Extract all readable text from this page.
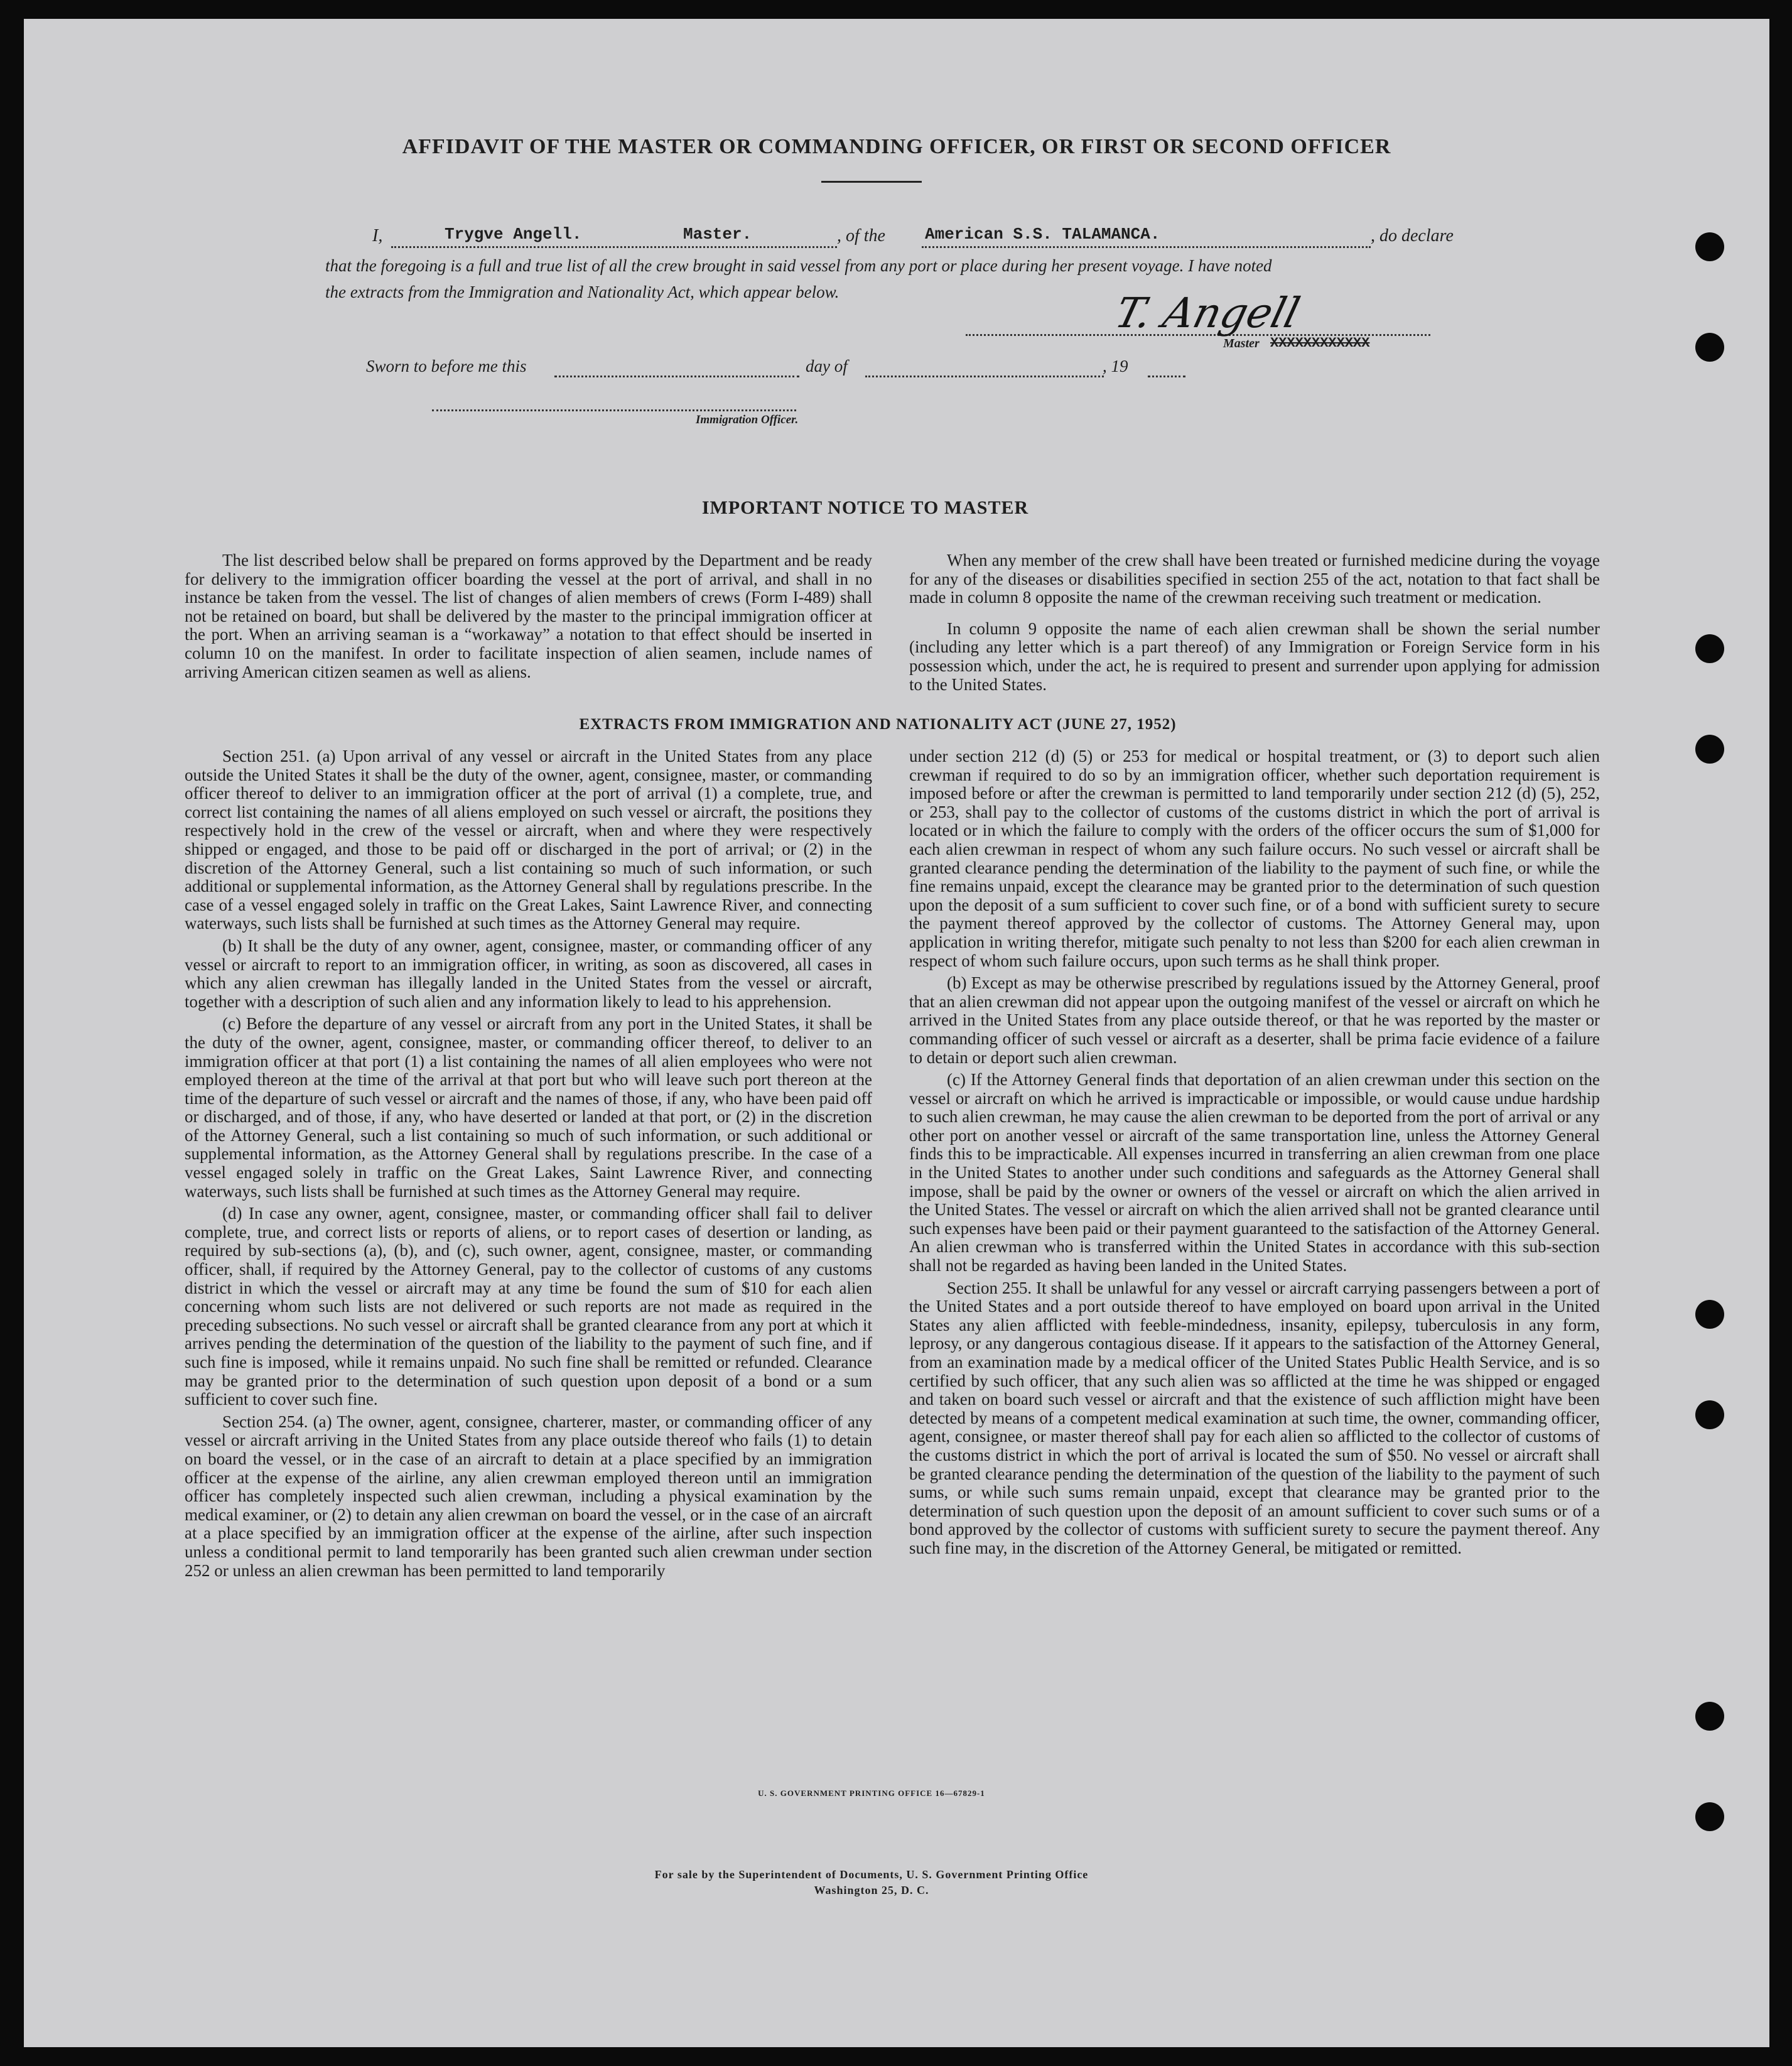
AFFIDAVIT OF THE MASTER OR COMMANDING OFFICER, OR FIRST OR SECOND OFFICER
I,	Trygve Angell.	Master.	, of the American S.S. TALAMANCA.	, do declare
that the foregoing is a full and true list of all the crew brought in said vessel from any port or place during her present voyage. I have noted
the extracts from the Immigration and Nationality Act, which appear below.	T. Angell
Master XXXXXXXXXXXX
Sworn to before me this	day of	, 19
Immigration Officer.
IMPORTANT NOTICE TO MASTER

The list described below shall be prepared on forms approved by the Department and be ready for delivery to the immigration officer boarding the vessel at the port of arrival, and shall in no instance be taken from the vessel. The list of changes of alien members of crews (Form I-489) shall not be retained on board, but shall be delivered by the master to the principal immigration officer at the port. When an arriving seaman is a “workaway” a notation to that effect should be inserted in column 10 on the manifest. In order to facilitate inspection of alien seamen, include names of arriving American citizen seamen as well as aliens.

When any member of the crew shall have been treated or furnished medicine during the voyage for any of the diseases or disabilities specified in section 255 of the act, notation to that fact shall be made in column 8 opposite the name of the crewman receiving such treatment or medication.

In column 9 opposite the name of each alien crewman shall be shown the serial number (including any letter which is a part thereof) of any Immigration or Foreign Service form in his possession which, under the act, he is required to present and surrender upon applying for admission to the United States.

EXTRACTS FROM IMMIGRATION AND NATIONALITY ACT (JUNE 27, 1952)

Section 251. (a) Upon arrival of any vessel or aircraft in the United States from any place outside the United States it shall be the duty of the owner, agent, consignee, master, or commanding officer thereof to deliver to an immigration officer at the port of arrival (1) a complete, true, and correct list containing the names of all aliens employed on such vessel or aircraft, the positions they respectively hold in the crew of the vessel or aircraft, when and where they were respectively shipped or engaged, and those to be paid off or discharged in the port of arrival; or (2) in the discretion of the Attorney General, such a list containing so much of such information, or such additional or supplemental information, as the Attorney General shall by regulations prescribe. In the case of a vessel engaged solely in traffic on the Great Lakes, Saint Lawrence River, and connecting waterways, such lists shall be furnished at such times as the Attorney General may require.

(b) It shall be the duty of any owner, agent, consignee, master, or commanding officer of any vessel or aircraft to report to an immigration officer, in writing, as soon as discovered, all cases in which any alien crewman has illegally landed in the United States from the vessel or aircraft, together with a description of such alien and any information likely to lead to his apprehension.

(c) Before the departure of any vessel or aircraft from any port in the United States, it shall be the duty of the owner, agent, consignee, master, or commanding officer thereof, to deliver to an immigration officer at that port (1) a list containing the names of all alien employees who were not employed thereon at the time of the arrival at that port but who will leave such port thereon at the time of the departure of such vessel or aircraft and the names of those, if any, who have been paid off or discharged, and of those, if any, who have deserted or landed at that port, or (2) in the discretion of the Attorney General, such a list containing so much of such information, or such additional or supplemental information, as the Attorney General shall by regulations prescribe. In the case of a vessel engaged solely in traffic on the Great Lakes, Saint Lawrence River, and connecting waterways, such lists shall be furnished at such times as the Attorney General may require.

(d) In case any owner, agent, consignee, master, or commanding officer shall fail to deliver complete, true, and correct lists or reports of aliens, or to report cases of desertion or landing, as required by sub-sections (a), (b), and (c), such owner, agent, consignee, master, or commanding officer, shall, if required by the Attorney General, pay to the collector of customs of any customs district in which the vessel or aircraft may at any time be found the sum of $10 for each alien concerning whom such lists are not delivered or such reports are not made as required in the preceding subsections. No such vessel or aircraft shall be granted clearance from any port at which it arrives pending the determination of the question of the liability to the payment of such fine, and if such fine is imposed, while it remains unpaid. No such fine shall be remitted or refunded. Clearance may be granted prior to the determination of such question upon deposit of a bond or a sum sufficient to cover such fine.

Section 254. (a) The owner, agent, consignee, charterer, master, or commanding officer of any vessel or aircraft arriving in the United States from any place outside thereof who fails (1) to detain on board the vessel, or in the case of an aircraft to detain at a place specified by an immigration officer at the expense of the airline, any alien crewman employed thereon until an immigration officer has completely inspected such alien crewman, including a physical examination by the medical examiner, or (2) to detain any alien crewman on board the vessel, or in the case of an aircraft at a place specified by an immigration officer at the expense of the airline, after such inspection unless a conditional permit to land temporarily has been granted such alien crewman under section 252 or unless an alien crewman has been permitted to land temporarily

under section 212 (d) (5) or 253 for medical or hospital treatment, or (3) to deport such alien crewman if required to do so by an immigration officer, whether such deportation requirement is imposed before or after the crewman is permitted to land temporarily under section 212 (d) (5), 252, or 253, shall pay to the collector of customs of the customs district in which the port of arrival is located or in which the failure to comply with the orders of the officer occurs the sum of $1,000 for each alien crewman in respect of whom any such failure occurs. No such vessel or aircraft shall be granted clearance pending the determination of the liability to the payment of such fine, or while the fine remains unpaid, except the clearance may be granted prior to the determination of such question upon the deposit of a sum sufficient to cover such fine, or of a bond with sufficient surety to secure the payment thereof approved by the collector of customs. The Attorney General may, upon application in writing therefor, mitigate such penalty to not less than $200 for each alien crewman in respect of whom such failure occurs, upon such terms as he shall think proper.

(b) Except as may be otherwise prescribed by regulations issued by the Attorney General, proof that an alien crewman did not appear upon the outgoing manifest of the vessel or aircraft on which he arrived in the United States from any place outside thereof, or that he was reported by the master or commanding officer of such vessel or aircraft as a deserter, shall be prima facie evidence of a failure to detain or deport such alien crewman.

(c) If the Attorney General finds that deportation of an alien crewman under this section on the vessel or aircraft on which he arrived is impracticable or impossible, or would cause undue hardship to such alien crewman, he may cause the alien crewman to be deported from the port of arrival or any other port on another vessel or aircraft of the same transportation line, unless the Attorney General finds this to be impracticable. All expenses incurred in transferring an alien crewman from one place in the United States to another under such conditions and safeguards as the Attorney General shall impose, shall be paid by the owner or owners of the vessel or aircraft on which the alien arrived in the United States. The vessel or aircraft on which the alien arrived shall not be granted clearance until such expenses have been paid or their payment guaranteed to the satisfaction of the Attorney General. An alien crewman who is transferred within the United States in accordance with this sub-section shall not be regarded as having been landed in the United States.

Section 255. It shall be unlawful for any vessel or aircraft carrying passengers between a port of the United States and a port outside thereof to have employed on board upon arrival in the United States any alien afflicted with feeble-mindedness, insanity, epilepsy, tuberculosis in any form, leprosy, or any dangerous contagious disease. If it appears to the satisfaction of the Attorney General, from an examination made by a medical officer of the United States Public Health Service, and is so certified by such officer, that any such alien was so afflicted at the time he was shipped or engaged and taken on board such vessel or aircraft and that the existence of such affliction might have been detected by means of a competent medical examination at such time, the owner, commanding officer, agent, consignee, or master thereof shall pay for each alien so afflicted to the collector of customs of the customs district in which the port of arrival is located the sum of $50. No vessel or aircraft shall be granted clearance pending the determination of the question of the liability to the payment of such sums, or while such sums remain unpaid, except that clearance may be granted prior to the determination of such question upon the deposit of an amount sufficient to cover such sums or of a bond approved by the collector of customs with sufficient surety to secure the payment thereof. Any such fine may, in the discretion of the Attorney General, be mitigated or remitted.

U. S. GOVERNMENT PRINTING OFFICE 16—67829-1
For sale by the Superintendent of Documents, U. S. Government Printing Office
Washington 25, D. C.
